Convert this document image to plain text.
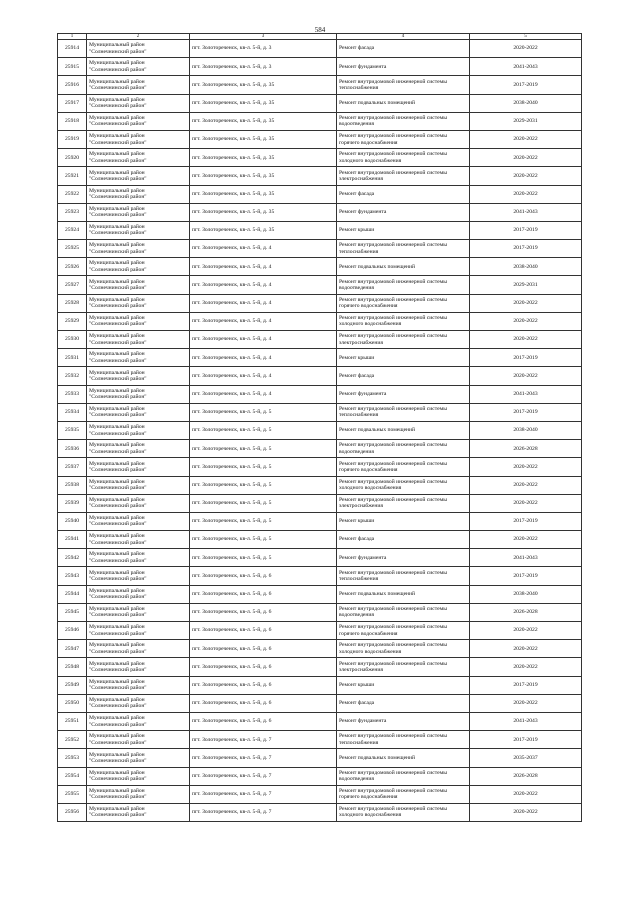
584
1	2	3	4	5
25914	Муниципальный район
"Солнечнинский район"	пгт. Золотореченск, кв-л. 5-й, д. 3	Ремонт фасада	2020-2022
25915	Муниципальный район
"Солнечнинский район"	пгт. Золотореченск, кв-л. 5-й, д. 3	Ремонт фундамента	2041-2043
25916	Муниципальный район
"Солнечнинский район"	пгт. Золотореченск, кв-л. 5-й, д. 35	Ремонт внутридомовой инженерной системы
теплоснабжения	2017-2019
25917	Муниципальный район
"Солнечнинский район"	пгт. Золотореченск, кв-л. 5-й, д. 35	Ремонт подвальных помещений	2038-2040
25918	Муниципальный район
"Солнечнинский район"	пгт. Золотореченск, кв-л. 5-й, д. 35	Ремонт внутридомовой инженерной системы
водоотведения	2029-2031
25919	Муниципальный район
"Солнечнинский район"	пгт. Золотореченск, кв-л. 5-й, д. 35	Ремонт внутридомовой инженерной системы
горячего водоснабжения	2020-2022
25920	Муниципальный район
"Солнечнинский район"	пгт. Золотореченск, кв-л. 5-й, д. 35	Ремонт внутридомовой инженерной системы
холодного водоснабжения	2020-2022
25921	Муниципальный район
"Солнечнинский район"	пгт. Золотореченск, кв-л. 5-й, д. 35	Ремонт внутридомовой инженерной системы
электроснабжения	2020-2022
25922	Муниципальный район
"Солнечнинский район"	пгт. Золотореченск, кв-л. 5-й, д. 35	Ремонт фасада	2020-2022
25923	Муниципальный район
"Солнечнинский район"	пгт. Золотореченск, кв-л. 5-й, д. 35	Ремонт фундамента	2041-2043
25924	Муниципальный район
"Солнечнинский район"	пгт. Золотореченск, кв-л. 5-й, д. 35	Ремонт крыши	2017-2019
25925	Муниципальный район
"Солнечнинский район"	пгт. Золотореченск, кв-л. 5-й, д. 4	Ремонт внутридомовой инженерной системы
теплоснабжения	2017-2019
25926	Муниципальный район
"Солнечнинский район"	пгт. Золотореченск, кв-л. 5-й, д. 4	Ремонт подвальных помещений	2038-2040
25927	Муниципальный район
"Солнечнинский район"	пгт. Золотореченск, кв-л. 5-й, д. 4	Ремонт внутридомовой инженерной системы
водоотведения	2029-2031
25928	Муниципальный район
"Солнечнинский район"	пгт. Золотореченск, кв-л. 5-й, д. 4	Ремонт внутридомовой инженерной системы
горячего водоснабжения	2020-2022
25929	Муниципальный район
"Солнечнинский район"	пгт. Золотореченск, кв-л. 5-й, д. 4	Ремонт внутридомовой инженерной системы
холодного водоснабжения	2020-2022
25930	Муниципальный район
"Солнечнинский район"	пгт. Золотореченск, кв-л. 5-й, д. 4	Ремонт внутридомовой инженерной системы
электроснабжения	2020-2022
25931	Муниципальный район
"Солнечнинский район"	пгт. Золотореченск, кв-л. 5-й, д. 4	Ремонт крыши	2017-2019
25932	Муниципальный район
"Солнечнинский район"	пгт. Золотореченск, кв-л. 5-й, д. 4	Ремонт фасада	2020-2022
25933	Муниципальный район
"Солнечнинский район"	пгт. Золотореченск, кв-л. 5-й, д. 4	Ремонт фундамента	2041-2043
25934	Муниципальный район
"Солнечнинский район"	пгт. Золотореченск, кв-л. 5-й, д. 5	Ремонт внутридомовой инженерной системы
теплоснабжения	2017-2019
25935	Муниципальный район
"Солнечнинский район"	пгт. Золотореченск, кв-л. 5-й, д. 5	Ремонт подвальных помещений	2038-2040
25936	Муниципальный район
"Солнечнинский район"	пгт. Золотореченск, кв-л. 5-й, д. 5	Ремонт внутридомовой инженерной системы
водоотведения	2026-2028
25937	Муниципальный район
"Солнечнинский район"	пгт. Золотореченск, кв-л. 5-й, д. 5	Ремонт внутридомовой инженерной системы
горячего водоснабжения	2020-2022
25938	Муниципальный район
"Солнечнинский район"	пгт. Золотореченск, кв-л. 5-й, д. 5	Ремонт внутридомовой инженерной системы
холодного водоснабжения	2020-2022
25939	Муниципальный район
"Солнечнинский район"	пгт. Золотореченск, кв-л. 5-й, д. 5	Ремонт внутридомовой инженерной системы
электроснабжения	2020-2022
25940	Муниципальный район
"Солнечнинский район"	пгт. Золотореченск, кв-л. 5-й, д. 5	Ремонт крыши	2017-2019
25941	Муниципальный район
"Солнечнинский район"	пгт. Золотореченск, кв-л. 5-й, д. 5	Ремонт фасада	2020-2022
25942	Муниципальный район
"Солнечнинский район"	пгт. Золотореченск, кв-л. 5-й, д. 5	Ремонт фундамента	2041-2043
25943	Муниципальный район
"Солнечнинский район"	пгт. Золотореченск, кв-л. 5-й, д. 6	Ремонт внутридомовой инженерной системы
теплоснабжения	2017-2019
25944	Муниципальный район
"Солнечнинский район"	пгт. Золотореченск, кв-л. 5-й, д. 6	Ремонт подвальных помещений	2038-2040
25945	Муниципальный район
"Солнечнинский район"	пгт. Золотореченск, кв-л. 5-й, д. 6	Ремонт внутридомовой инженерной системы
водоотведения	2026-2028
25946	Муниципальный район
"Солнечнинский район"	пгт. Золотореченск, кв-л. 5-й, д. 6	Ремонт внутридомовой инженерной системы
горячего водоснабжения	2020-2022
25947	Муниципальный район
"Солнечнинский район"	пгт. Золотореченск, кв-л. 5-й, д. 6	Ремонт внутридомовой инженерной системы
холодного водоснабжения	2020-2022
25948	Муниципальный район
"Солнечнинский район"	пгт. Золотореченск, кв-л. 5-й, д. 6	Ремонт внутридомовой инженерной системы
электроснабжения	2020-2022
25949	Муниципальный район
"Солнечнинский район"	пгт. Золотореченск, кв-л. 5-й, д. 6	Ремонт крыши	2017-2019
25950	Муниципальный район
"Солнечнинский район"	пгт. Золотореченск, кв-л. 5-й, д. 6	Ремонт фасада	2020-2022
25951	Муниципальный район
"Солнечнинский район"	пгт. Золотореченск, кв-л. 5-й, д. 6	Ремонт фундамента	2041-2043
25952	Муниципальный район
"Солнечнинский район"	пгт. Золотореченск, кв-л. 5-й, д. 7	Ремонт внутридомовой инженерной системы
теплоснабжения	2017-2019
25953	Муниципальный район
"Солнечнинский район"	пгт. Золотореченск, кв-л. 5-й, д. 7	Ремонт подвальных помещений	2035-2037
25954	Муниципальный район
"Солнечнинский район"	пгт. Золотореченск, кв-л. 5-й, д. 7	Ремонт внутридомовой инженерной системы
водоотведения	2026-2028
25955	Муниципальный район
"Солнечнинский район"	пгт. Золотореченск, кв-л. 5-й, д. 7	Ремонт внутридомовой инженерной системы
горячего водоснабжения	2020-2022
25956	Муниципальный район
"Солнечнинский район"	пгт. Золотореченск, кв-л. 5-й, д. 7	Ремонт внутридомовой инженерной системы
холодного водоснабжения	2020-2022
